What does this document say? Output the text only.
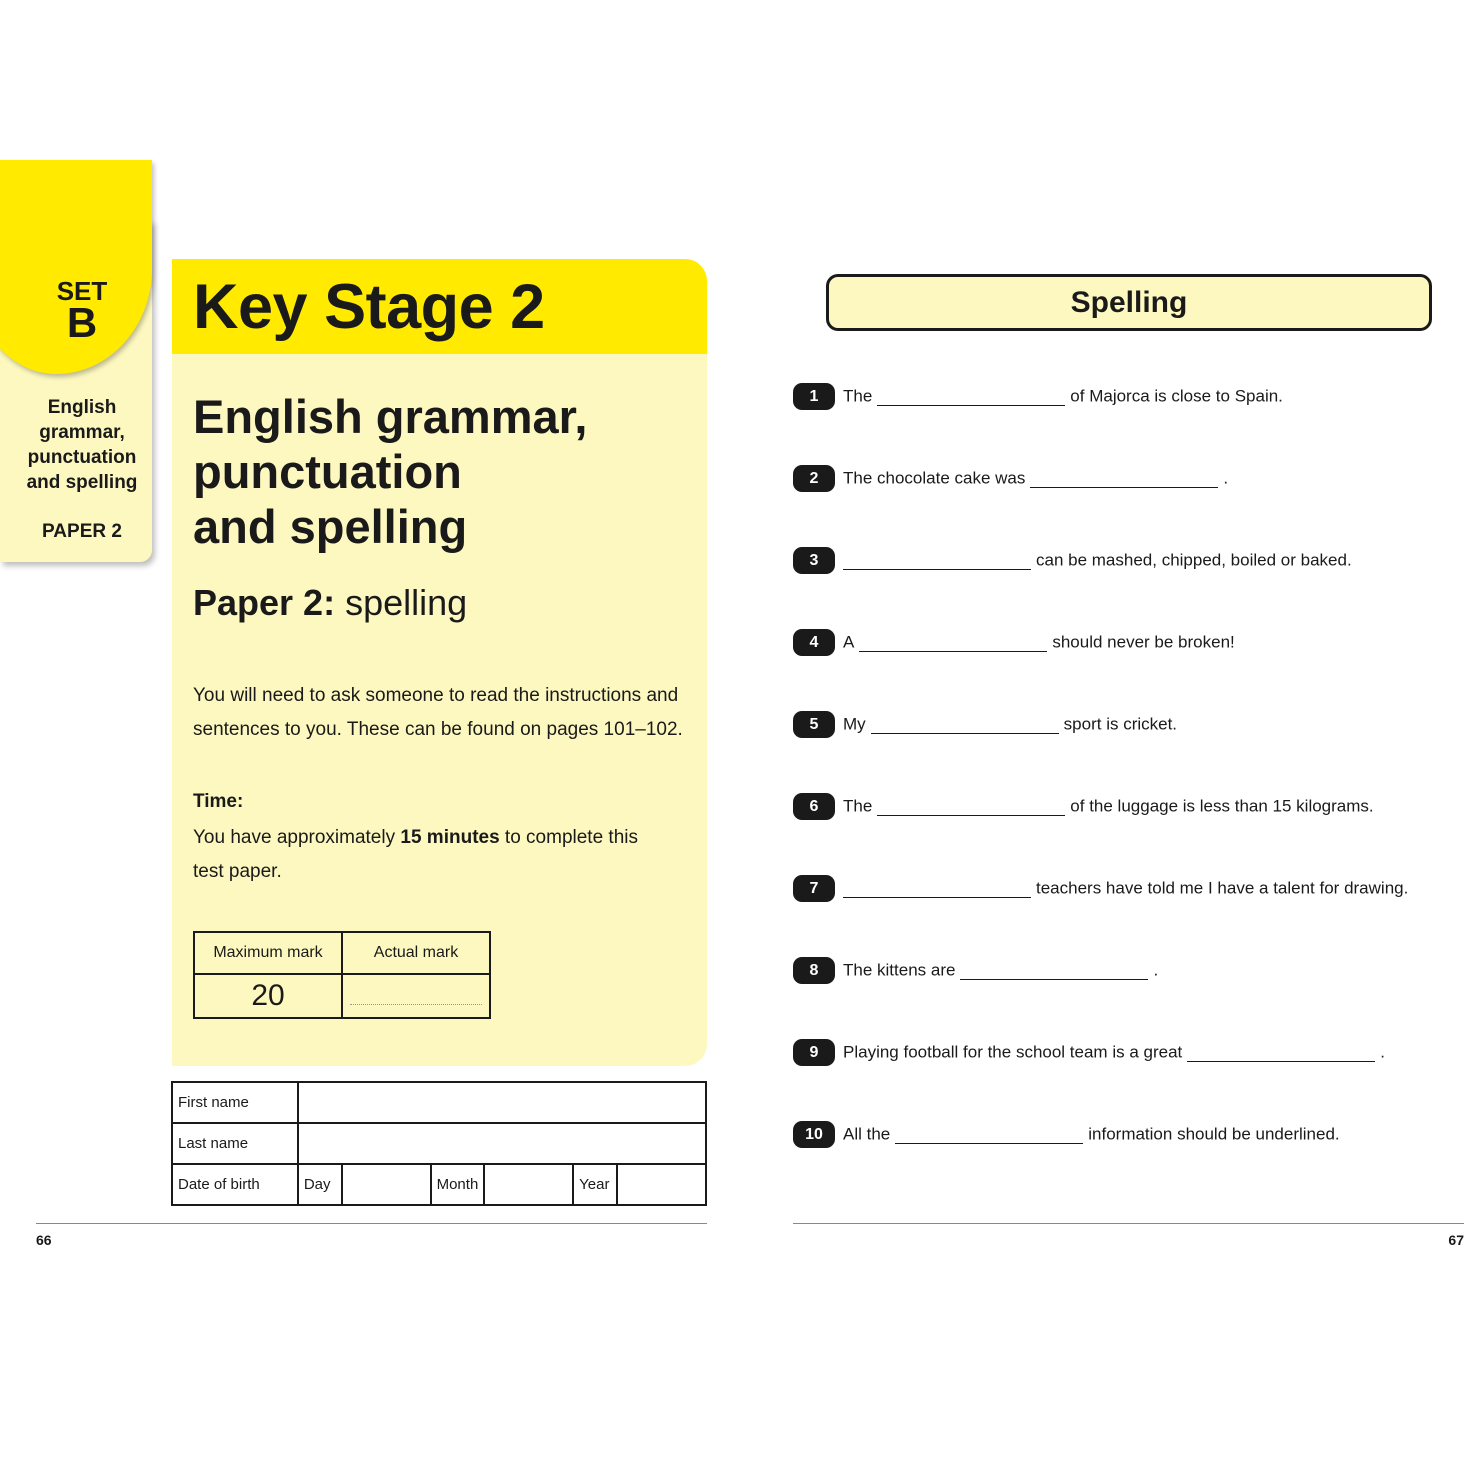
SET
B
English
grammar,
punctuation
and spelling
PAPER 2
Key Stage 2
English grammar,
punctuation
and spelling
Paper 2: spelling
You will need to ask someone to read the instructions and sentences to you. These can be found on pages 101–102.
Time:
You have approximately 15 minutes to complete this test paper.
Maximum mark	Actual mark
20	
First name						
Last name						
Date of birth	Day		Month		Year	
66
Spelling
1 The	of Majorca is close to Spain.
2 The chocolate cake was	.
3	can be mashed, chipped, boiled or baked.
4 A	should never be broken!
5 My	sport is cricket.
6 The	of the luggage is less than 15 kilograms.
7	teachers have told me I have a talent for drawing.
8 The kittens are	.
9 Playing football for the school team is a great	.
10 All the	information should be underlined.
67
